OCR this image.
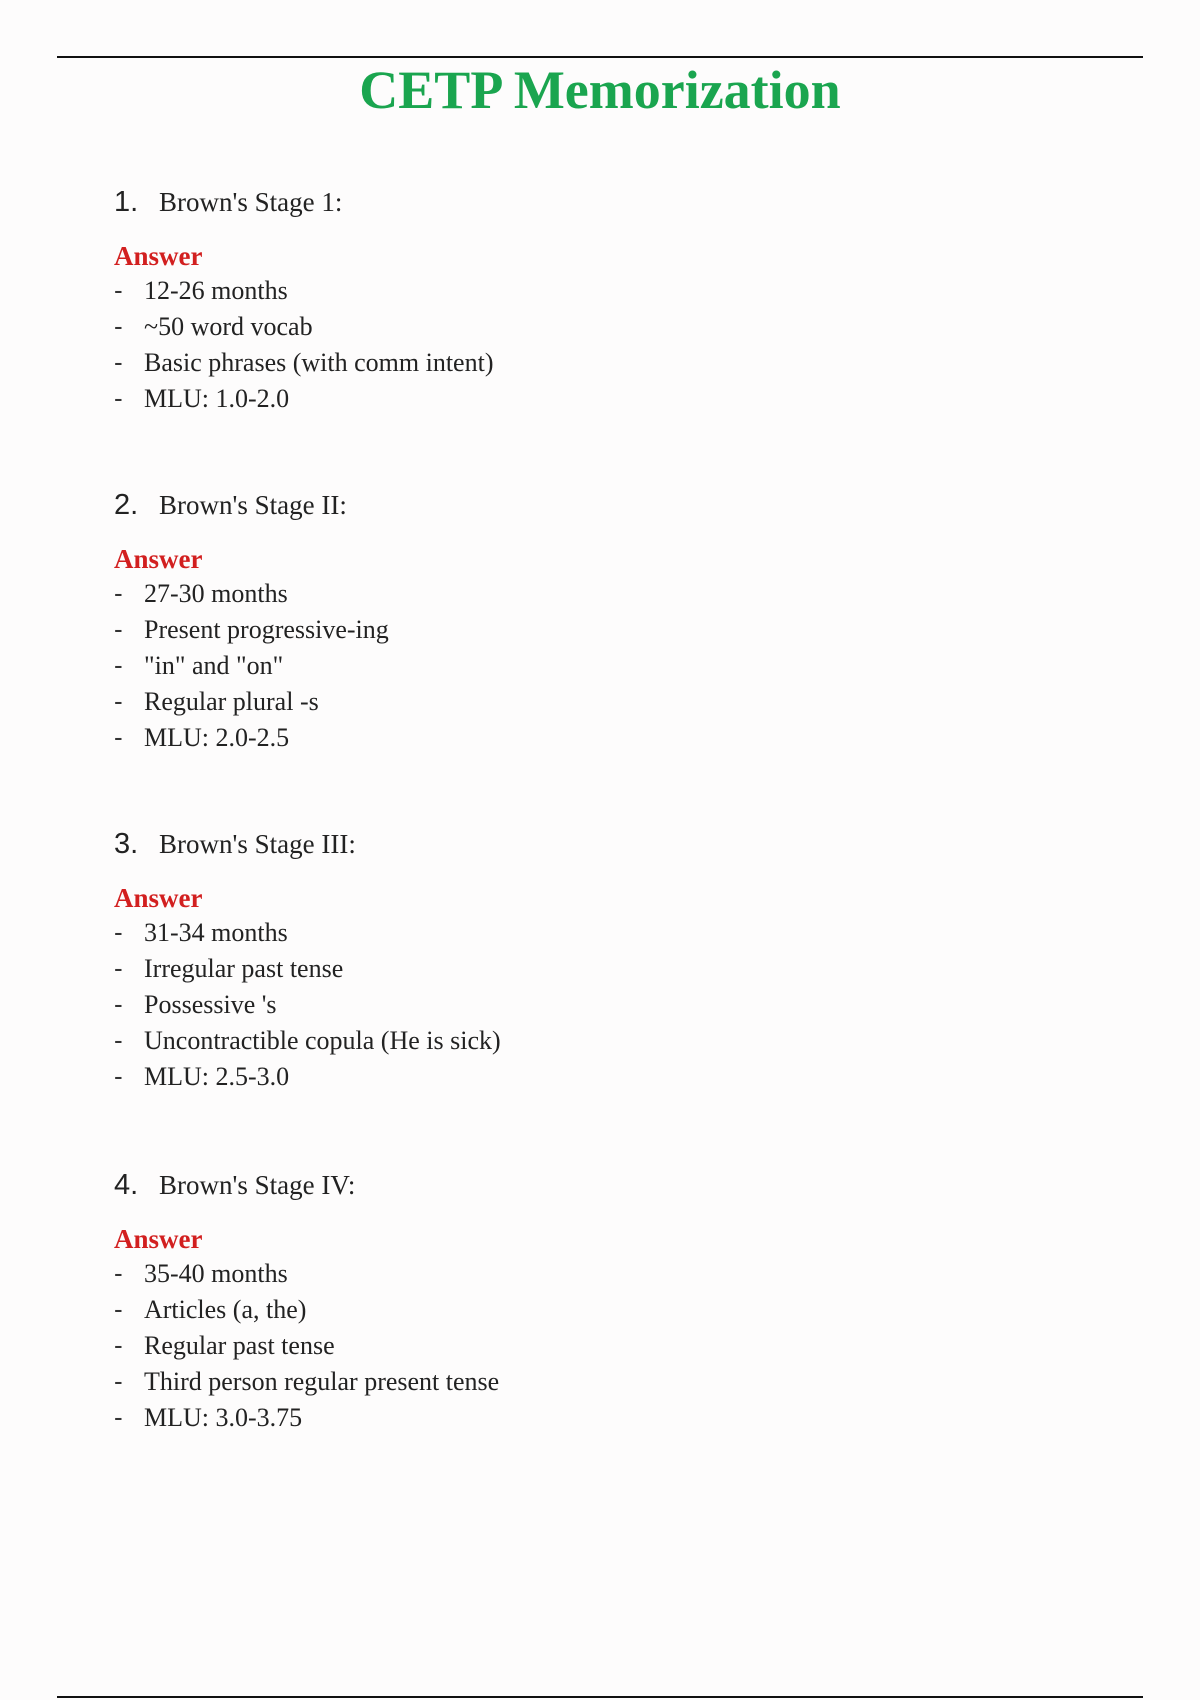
CETP Memorization
1. Brown's Stage 1:
Answer
- 12-26 months
- ~50 word vocab
- Basic phrases (with comm intent)
- MLU: 1.0-2.0
2. Brown's Stage II:
Answer
- 27-30 months
- Present progressive-ing
- "in" and "on"
- Regular plural -s
- MLU: 2.0-2.5
3. Brown's Stage III:
Answer
- 31-34 months
- Irregular past tense
- Possessive 's
- Uncontractible copula (He is sick)
- MLU: 2.5-3.0
4. Brown's Stage IV:
Answer
- 35-40 months
- Articles (a, the)
- Regular past tense
- Third person regular present tense
- MLU: 3.0-3.75
